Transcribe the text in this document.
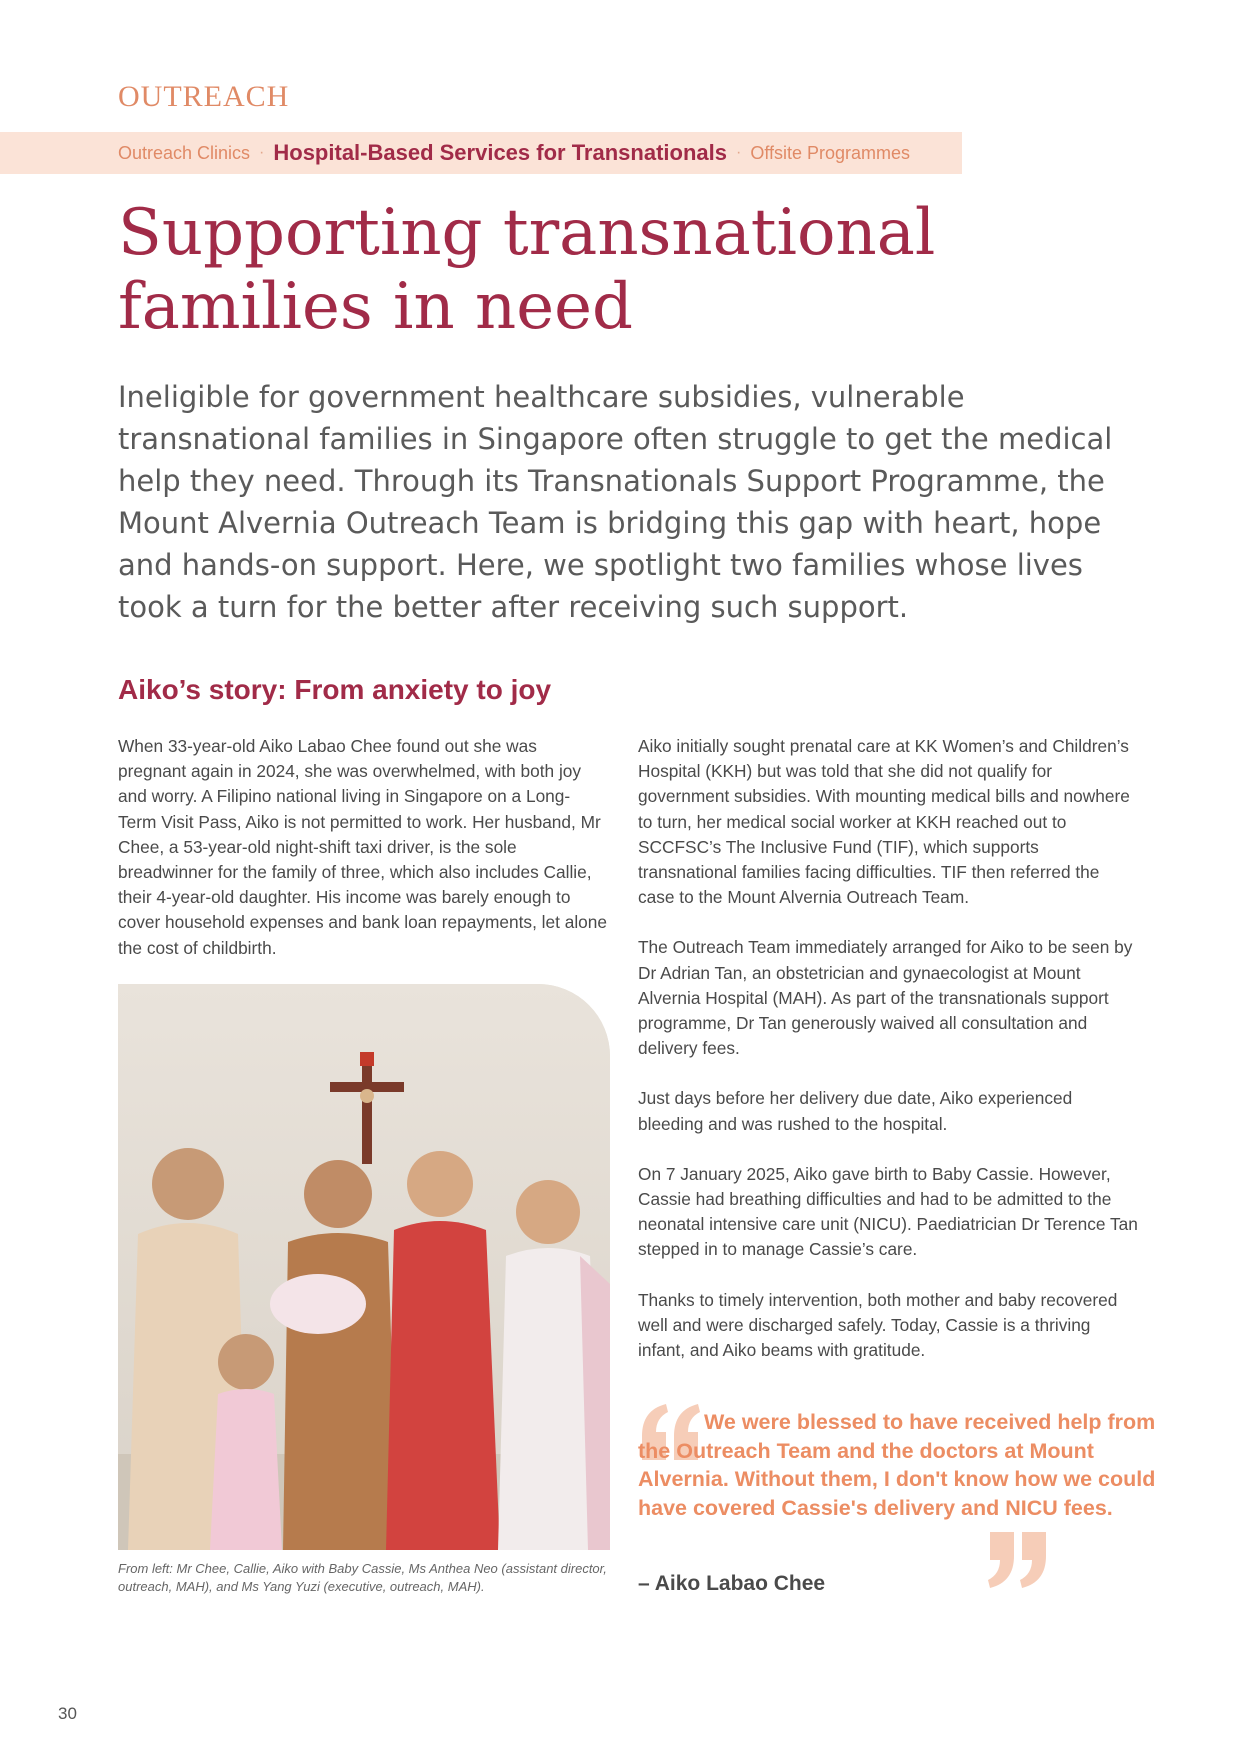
OUTREACH
Outreach Clinics · Hospital-Based Services for Transnationals · Offsite Programmes
Supporting transnational families in need

Ineligible for government healthcare subsidies, vulnerable transnational families in Singapore often struggle to get the medical help they need. Through its Transnationals Support Programme, the Mount Alvernia Outreach Team is bridging this gap with heart, hope and hands-on support. Here, we spotlight two families whose lives took a turn for the better after receiving such support.

Aiko’s story: From anxiety to joy

When 33-year-old Aiko Labao Chee found out she was pregnant again in 2024, she was overwhelmed, with both joy and worry. A Filipino national living in Singapore on a Long-Term Visit Pass, Aiko is not permitted to work. Her husband, Mr Chee, a 53-year-old night-shift taxi driver, is the sole breadwinner for the family of three, which also includes Callie, their 4-year-old daughter. His income was barely enough to cover household expenses and bank loan repayments, let alone the cost of childbirth.

From left: Mr Chee, Callie, Aiko with Baby Cassie, Ms Anthea Neo (assistant director, outreach, MAH), and Ms Yang Yuzi (executive, outreach, MAH).

Aiko initially sought prenatal care at KK Women’s and Children’s Hospital (KKH) but was told that she did not qualify for government subsidies. With mounting medical bills and nowhere to turn, her medical social worker at KKH reached out to SCCFSC’s The Inclusive Fund (TIF), which supports transnational families facing difficulties. TIF then referred the case to the Mount Alvernia Outreach Team.

The Outreach Team immediately arranged for Aiko to be seen by Dr Adrian Tan, an obstetrician and gynaecologist at Mount Alvernia Hospital (MAH). As part of the transnationals support programme, Dr Tan generously waived all consultation and delivery fees.

Just days before her delivery due date, Aiko experienced bleeding and was rushed to the hospital.

On 7 January 2025, Aiko gave birth to Baby Cassie. However, Cassie had breathing difficulties and had to be admitted to the neonatal intensive care unit (NICU). Paediatrician Dr Terence Tan stepped in to manage Cassie’s care.

Thanks to timely intervention, both mother and baby recovered well and were discharged safely. Today, Cassie is a thriving infant, and Aiko beams with gratitude.

We were blessed to have received help from the Outreach Team and the doctors at Mount Alvernia. Without them, I don't know how we could have covered Cassie's delivery and NICU fees.

– Aiko Labao Chee
30
